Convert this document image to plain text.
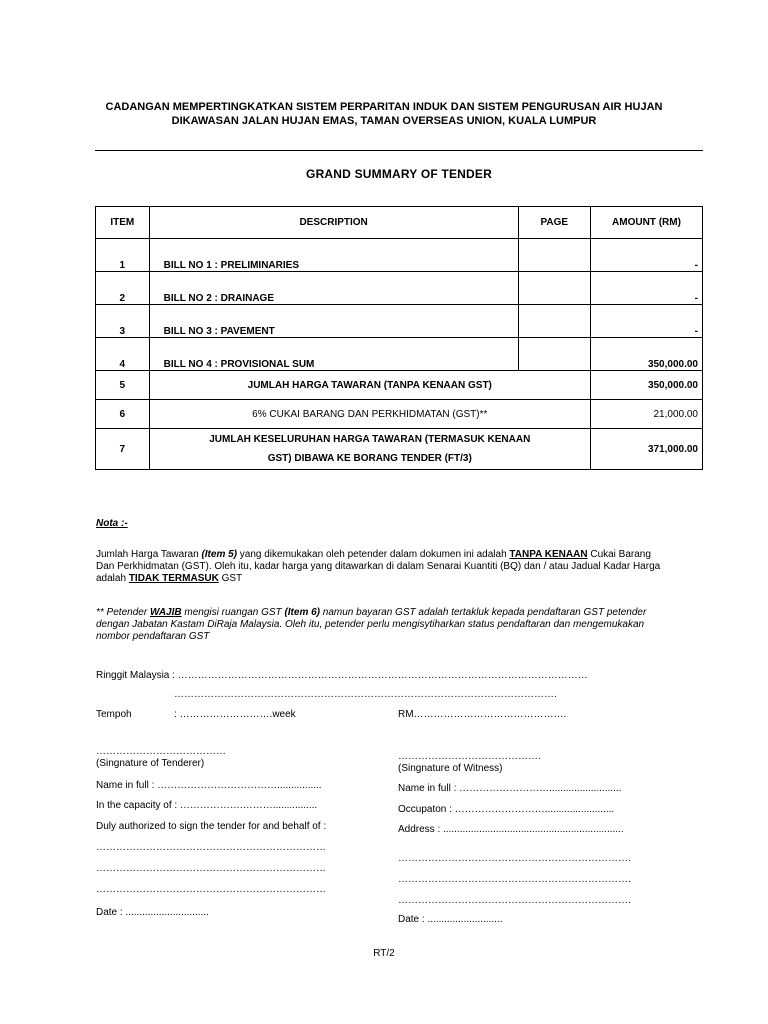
CADANGAN MEMPERTINGKATKAN SISTEM PERPARITAN INDUK DAN SISTEM PENGURUSAN AIR HUJAN
DIKAWASAN JALAN HUJAN EMAS, TAMAN OVERSEAS UNION, KUALA LUMPUR
GRAND SUMMARY OF TENDER
ITEM	DESCRIPTION	PAGE	AMOUNT (RM)
1	BILL NO 1 : PRELIMINARIES		-
2	BILL NO 2 : DRAINAGE		-
3	BILL NO 3 : PAVEMENT		-
4	BILL NO 4 : PROVISIONAL SUM		350,000.00
5	JUMLAH HARGA TAWARAN (TANPA KENAAN GST)		350,000.00
6	6% CUKAI BARANG DAN PERKHIDMATAN (GST)**		21,000.00
7	JUMLAH KESELURUHAN HARGA TAWARAN (TERMASUK KENAAN
GST) DIBAWA KE BORANG TENDER (FT/3)		371,000.00
Nota :-
Jumlah Harga Tawaran (Item 5) yang dikemukakan oleh petender dalam dokumen ini adalah TANPA KENAAN Cukai Barang
Dan Perkhidmatan (GST). Oleh itu, kadar harga yang ditawarkan di dalam Senarai Kuantiti (BQ) dan / atau Jadual Kadar Harga
adalah TIDAK TERMASUK GST
** Petender WAJIB mengisi ruangan GST (Item 6) namun bayaran GST adalah tertakluk kepada pendaftaran GST petender
dengan Jabatan Kastam DiRaja Malaysia. Oleh itu, petender perlu mengisytiharkan status pendaftaran dan mengemukakan
nombor pendaftaran GST
Ringgit Malaysia : ……………………………………………………………………………………………………………
…………………………………………………………………………………………………….
Tempoh	: ……………………….week	RM……………………………………….
…………………………………
(Singnature of Tenderer)
Name in full : ………………………………................
In the capacity of : ……………….………................
Duly authorized to sign the tender for and behalf of :
……………………………………………………………
……………………………………………………………
……………………………………………………………
Date : ..............................
…………………………………….
(Singnature of Witness)
Name in full : ………………………..........................
Occupaton : ……………………….........................
Address : .................................................................
…………………………………………………………….
…………………………………………………………….
…………………………………………………………….
Date : ...........................
RT/2
